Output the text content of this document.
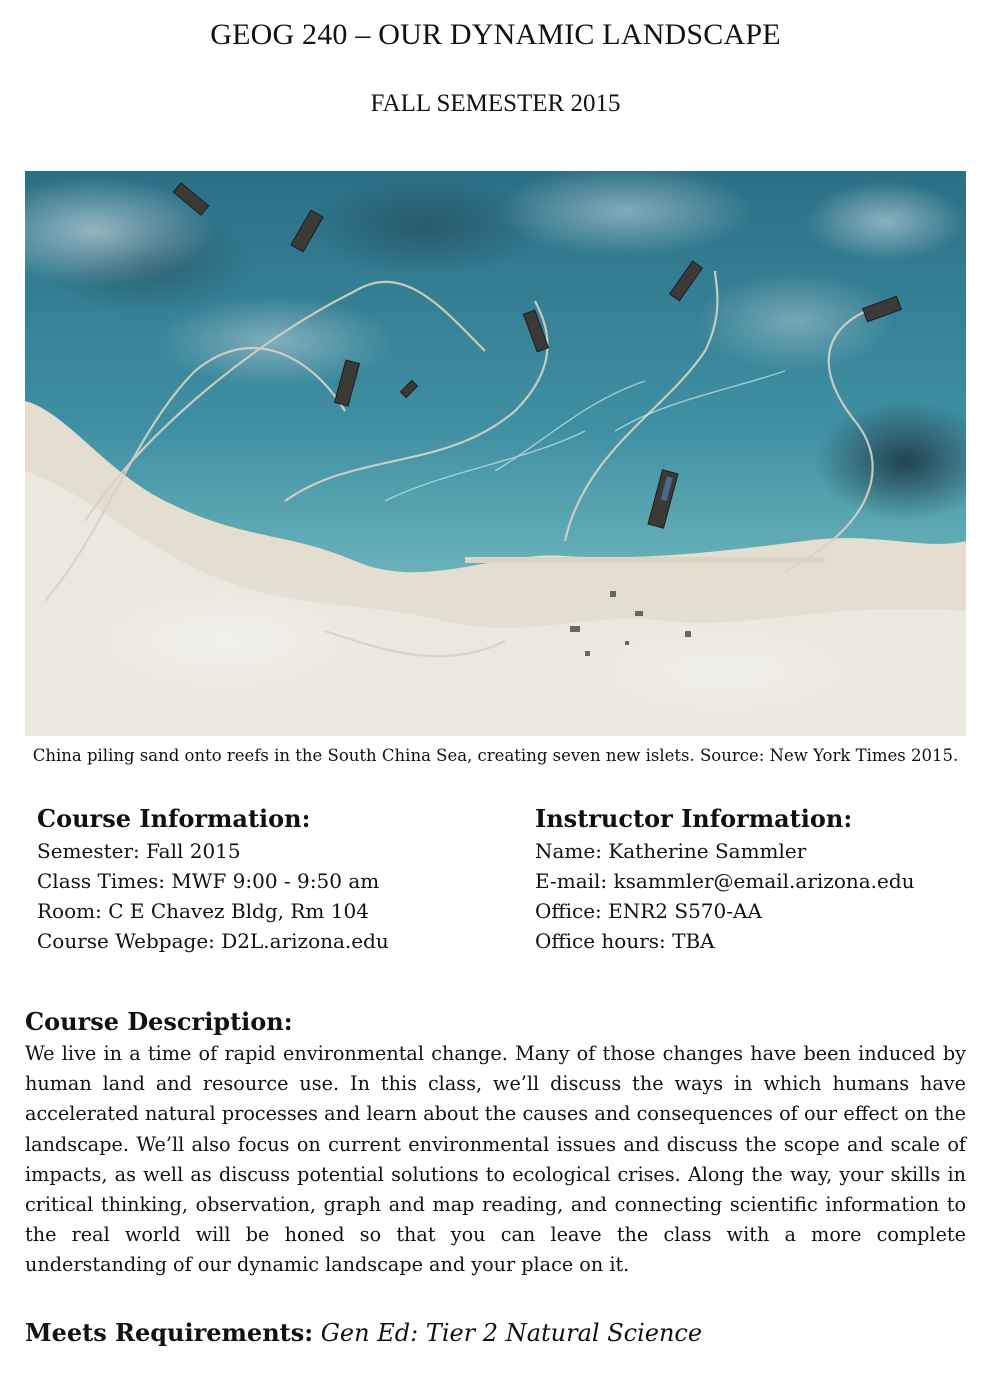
GEOG 240 – OUR DYNAMIC LANDSCAPE
FALL SEMESTER 2015
China piling sand onto reefs in the South China Sea, creating seven new islets. Source: New York Times 2015.
Course Information:
Semester: Fall 2015
Class Times: MWF 9:00 - 9:50 am
Room: C E Chavez Bldg, Rm 104
Course Webpage: D2L.arizona.edu
Instructor Information:
Name: Katherine Sammler
E-mail: ksammler@email.arizona.edu
Office: ENR2 S570-AA
Office hours: TBA
Course Description:
We live in a time of rapid environmental change. Many of those changes have been induced by human land and resource use. In this class, we’ll discuss the ways in which humans have accelerated natural processes and learn about the causes and consequences of our effect on the landscape. We’ll also focus on current environmental issues and discuss the scope and scale of impacts, as well as discuss potential solutions to ecological crises. Along the way, your skills in critical thinking, observation, graph and map reading, and connecting scientific information to the real world will be honed so that you can leave the class with a more complete understanding of our dynamic landscape and your place on it.
Meets Requirements: Gen Ed: Tier 2 Natural Science
